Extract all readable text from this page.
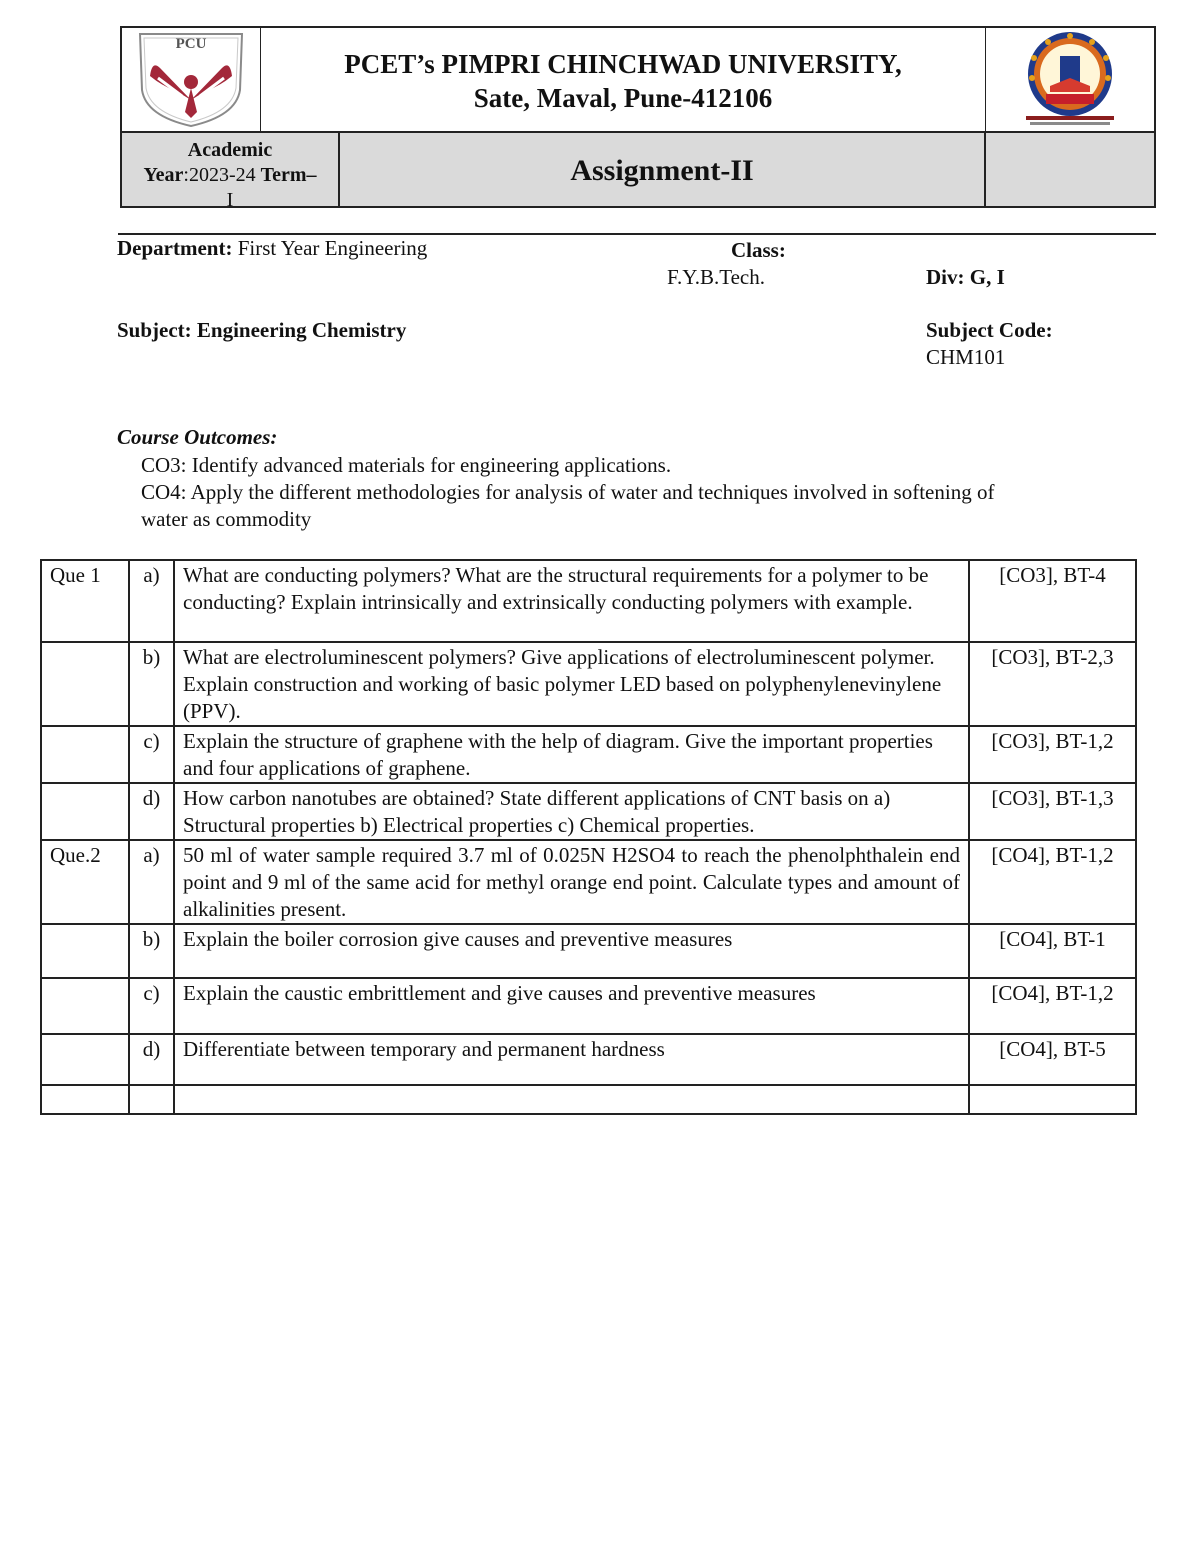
PCU
PCET’s PIMPRI CHINCHWAD UNIVERSITY,
Sate, Maval, Pune-412106
Academic
Year:2023-24 Term–
I
Assignment-II
Department: First Year Engineering	Class:
F.Y.B.Tech.	Div: G, I
Subject: Engineering Chemistry	Subject Code:
CHM101
Course Outcomes:
CO3: Identify advanced materials for engineering applications.
CO4: Apply the different methodologies for analysis of water and techniques involved in softening of
water as commodity
Que 1	a)	What are conducting polymers? What are the structural requirements for a polymer to be conducting? Explain intrinsically and extrinsically conducting polymers with example.	[CO3], BT-4
	b)	What are electroluminescent polymers? Give applications of electroluminescent polymer. Explain construction and working of basic polymer LED based on polyphenylenevinylene (PPV).	[CO3], BT-2,3
	c)	Explain the structure of graphene with the help of diagram. Give the important properties and four applications of graphene.	[CO3], BT-1,2
	d)	How carbon nanotubes are obtained? State different applications of CNT basis on a) Structural properties b) Electrical properties c) Chemical properties.	[CO3], BT-1,3
Que.2	a)	50 ml of water sample required 3.7 ml of 0.025N H2SO4 to reach the phenolphthalein end point and 9 ml of the same acid for methyl orange end point. Calculate types and amount of alkalinities present.	[CO4], BT-1,2
	b)	Explain the boiler corrosion give causes and preventive measures	[CO4], BT-1
	c)	Explain the caustic embrittlement and give causes and preventive measures	[CO4], BT-1,2
	d)	Differentiate between temporary and permanent hardness	[CO4], BT-5
